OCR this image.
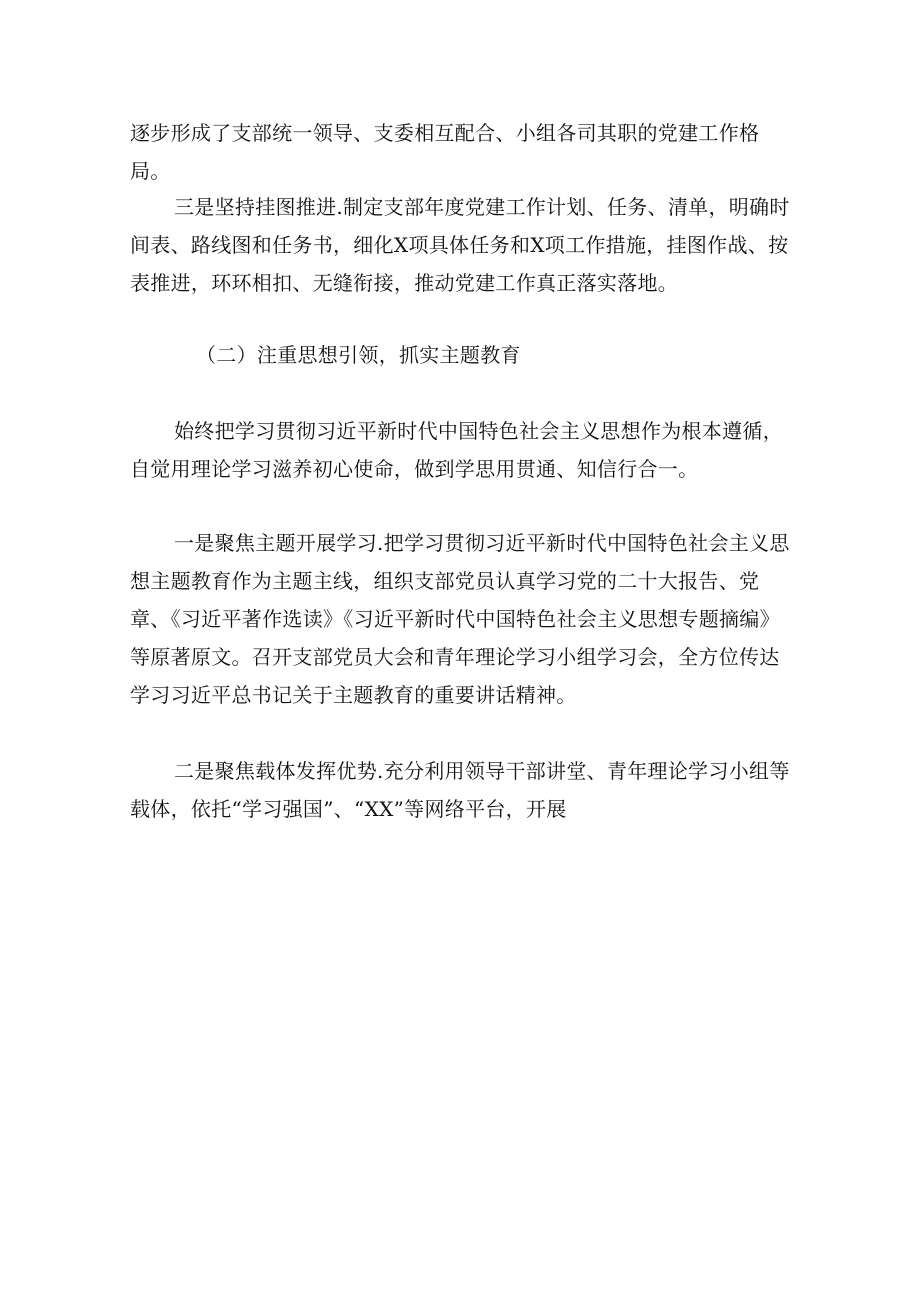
逐步形成了支部统一领导、支委相互配合、小组各司其职的党建工作格局。

三是坚持挂图推进.制定支部年度党建工作计划、任务、清单，明确时间表、路线图和任务书，细化X项具体任务和X项工作措施，挂图作战、按表推进，环环相扣、无缝衔接，推动党建工作真正落实落地。

（二）注重思想引领，抓实主题教育

始终把学习贯彻习近平新时代中国特色社会主义思想作为根本遵循，自觉用理论学习滋养初心使命，做到学思用贯通、知信行合一。

一是聚焦主题开展学习.把学习贯彻习近平新时代中国特色社会主义思想主题教育作为主题主线，组织支部党员认真学习党的二十大报告、党章、《习近平著作选读》《习近平新时代中国特色社会主义思想专题摘编》等原著原文。召开支部党员大会和青年理论学习小组学习会，全方位传达学习习近平总书记关于主题教育的重要讲话精神。

二是聚焦载体发挥优势.充分利用领导干部讲堂、青年理论学习小组等载体，依托“学习强国”、“XX”等网络平台，开展
